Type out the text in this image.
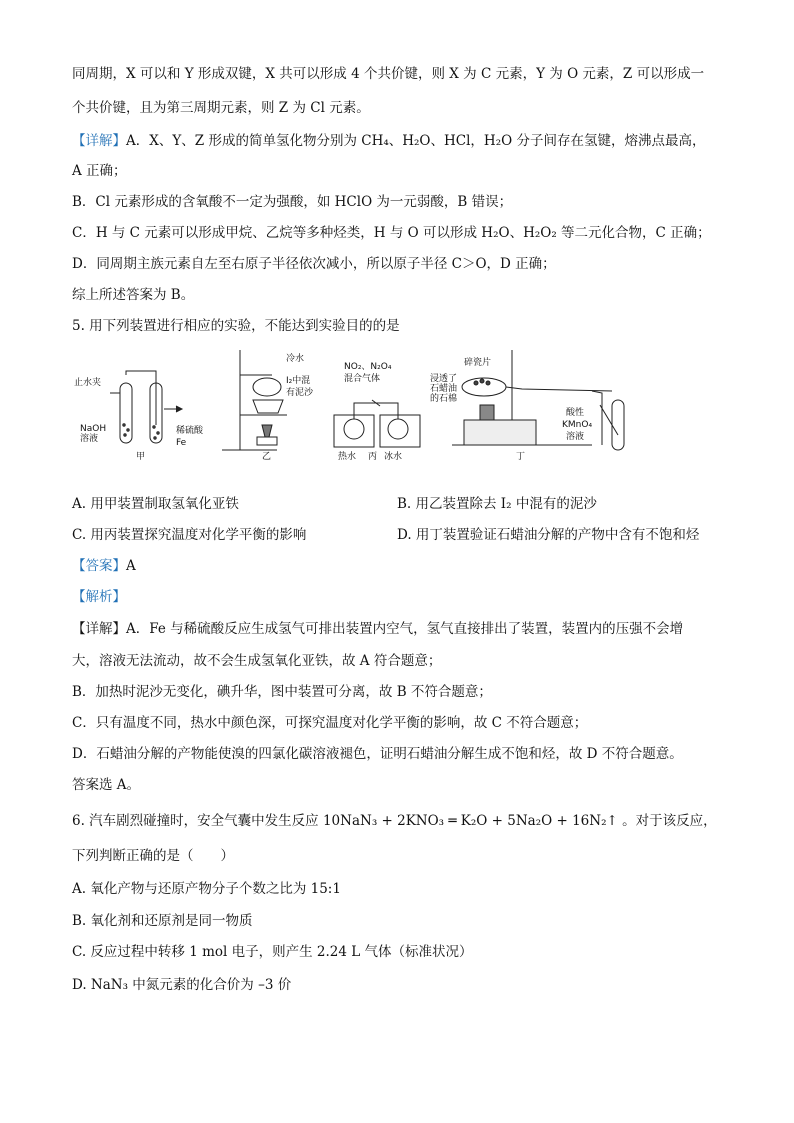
同周期，X 可以和 Y 形成双键，X 共可以形成 4 个共价键，则 X 为 C 元素，Y 为 O 元素，Z 可以形成一
个共价键，且为第三周期元素，则 Z 为 Cl 元素。
【详解】A．X、Y、Z 形成的简单氢化物分别为 CH₄、H₂O、HCl，H₂O 分子间存在氢键，熔沸点最高，
A 正确；
B．Cl 元素形成的含氧酸不一定为强酸，如 HClO 为一元弱酸，B 错误；
C．H 与 C 元素可以形成甲烷、乙烷等多种烃类，H 与 O 可以形成 H₂O、H₂O₂ 等二元化合物，C 正确；
D．同周期主族元素自左至右原子半径依次减小，所以原子半径 C＞O，D 正确；
综上所述答案为 B。
5. 用下列装置进行相应的实验，不能达到实验目的的是
止水夹
NaOH
溶液
稀硫酸
Fe
甲
冷水
I₂中混
有泥沙
乙
NO₂、N₂O₄
混合气体
热水	冰水
丙
碎瓷片
浸透了
石蜡油
的石棉
酸性
KMnO₄
溶液
丁
A. 用甲装置制取氢氧化亚铁	B. 用乙装置除去 I₂ 中混有的泥沙
C. 用丙装置探究温度对化学平衡的影响	D. 用丁装置验证石蜡油分解的产物中含有不饱和烃
【答案】A
【解析】
【详解】A．Fe 与稀硫酸反应生成氢气可排出装置内空气，氢气直接排出了装置，装置内的压强不会增
大，溶液无法流动，故不会生成氢氧化亚铁，故 A 符合题意；
B．加热时泥沙无变化，碘升华，图中装置可分离，故 B 不符合题意；
C．只有温度不同，热水中颜色深，可探究温度对化学平衡的影响，故 C 不符合题意；
D．石蜡油分解的产物能使溴的四氯化碳溶液褪色，证明石蜡油分解生成不饱和烃，故 D 不符合题意。
答案选 A。
6. 汽车剧烈碰撞时，安全气囊中发生反应 10NaN₃ + 2KNO₃ ═ K₂O + 5Na₂O + 16N₂↑ 。对于该反应，
下列判断正确的是（　　）
A. 氧化产物与还原产物分子个数之比为 15:1
B. 氧化剂和还原剂是同一物质
C. 反应过程中转移 1 mol 电子，则产生 2.24 L 气体（标准状况）
D. NaN₃ 中氮元素的化合价为 –3 价
